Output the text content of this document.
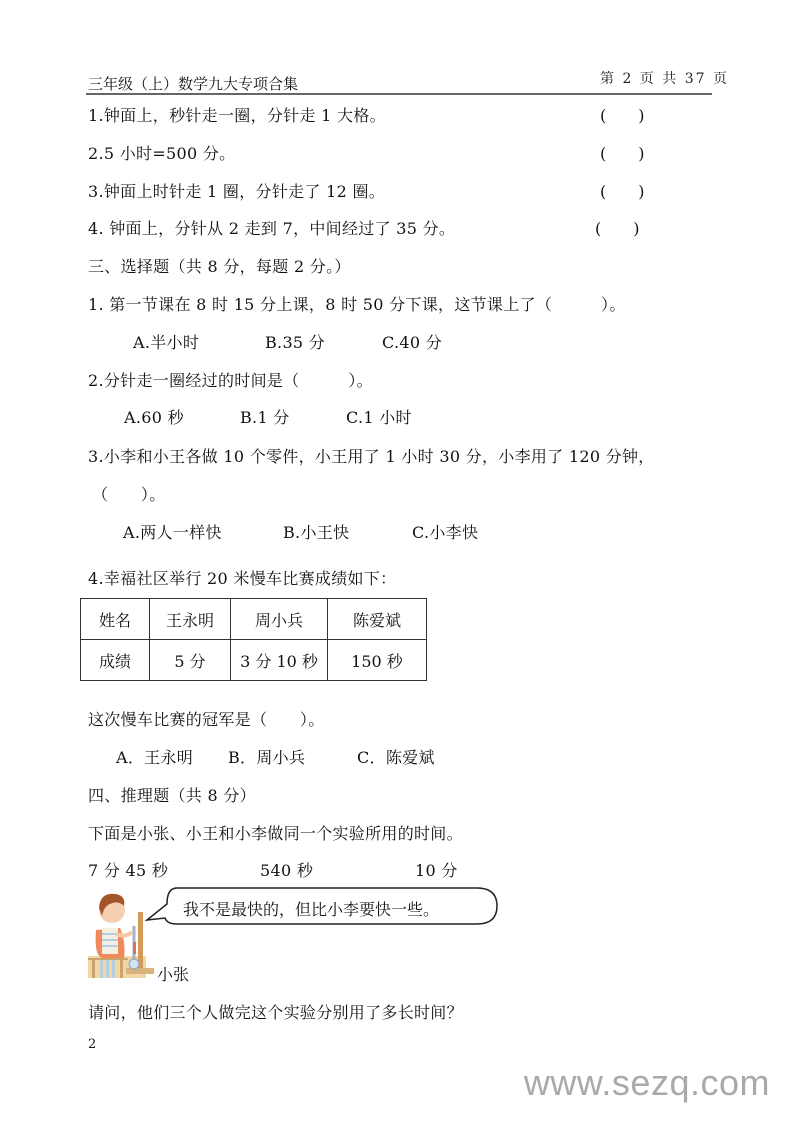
三年级（上）数学九大专项合集	第 2 页 共 37 页
1.钟面上，秒针走一圈，分针走 1 大格。	(　　)
2.5 小时=500 分。	(　　)
3.钟面上时针走 1 圈，分针走了 12 圈。	(　　)
4. 钟面上，分针从 2 走到 7，中间经过了 35 分。	(　　)
三、选择题（共 8 分，每题 2 分。）
1. 第一节课在 8 时 15 分上课，8 时 50 分下课，这节课上了（　　　）。
A.半小时	B.35 分	C.40 分
2.分针走一圈经过的时间是（　　　）。
A.60 秒	B.1 分	C.1 小时
3.小李和小王各做 10 个零件，小王用了 1 小时 30 分，小李用了 120 分钟，
（　　）。
A.两人一样快	B.小王快	C.小李快
4.幸福社区举行 20 米慢车比赛成绩如下：
姓名	王永明	周小兵	陈爱斌
成绩	5 分	3 分 10 秒	150 秒
这次慢车比赛的冠军是（　　）。
A．王永明 B．周小兵	C．陈爱斌
四、推理题（共 8 分）
下面是小张、小王和小李做同一个实验所用的时间。
7 分 45 秒	540 秒	10 分
我不是最快的，但比小李要快一些。
小张
请问，他们三个人做完这个实验分别用了多长时间？
2
www.sezq.com
